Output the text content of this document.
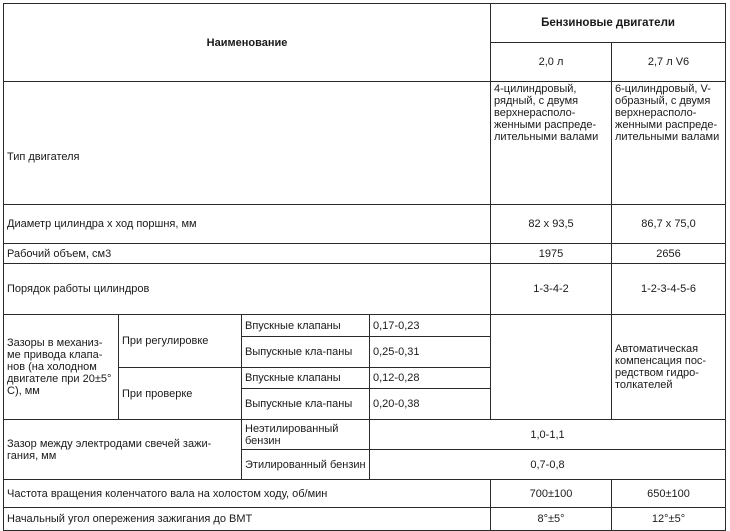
Наименование				Бензиновые двигатели	
				2,0 л	2,7 л V6	
Тип двигателя				4-цилиндровый, рядный, с двумя верхнерасполо-женными распреде-лительными валами	6-цилиндровый, V-образный, с двумя верхнерасполо-женными распреде-лительными валами	
Диаметр цилиндра x ход поршня, мм				82 x 93,5	86,7 x 75,0	
Рабочий объем, см3				1975	2656	
Порядок работы цилиндров				1-3-4-2	1-2-3-4-5-6	
Зазоры в механиз-ме привода клапа-нов (на холодном двигателе при 20±5° С), мм	При регулировке	Впускные клапаны	0,17-0,23		Автоматическая компенсация пос-редством гидро-толкателей	
		Выпускные кла-паны	0,25-0,31	
	При проверке	Впускные клапаны	0,12-0,28	
		Выпускные кла-паны	0,20-0,38	
Зазор между электродами свечей зажи-гания, мм		Неэтилированный бензин	1,0-1,1	
		Этилированный бензин	0,7-0,8	
Частота вращения коленчатого вала на холостом ходу, об/мин				700±100	650±100	
Начальный угол опережения зажигания до ВМТ				8°±5°	12°±5°	
